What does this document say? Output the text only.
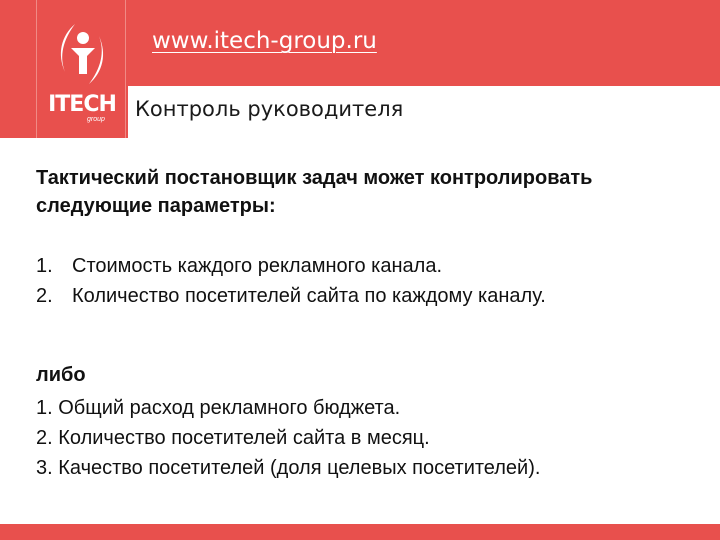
ITECH
group
www.itech-group.ru
Контроль руководителя
Тактический постановщик задач может контролировать следующие параметры:
1. Стоимость каждого рекламного канала.
2. Количество посетителей сайта по каждому каналу.
либо
1. Общий расход рекламного бюджета.
2. Количество посетителей сайта в месяц.
3. Качество посетителей (доля целевых посетителей).
